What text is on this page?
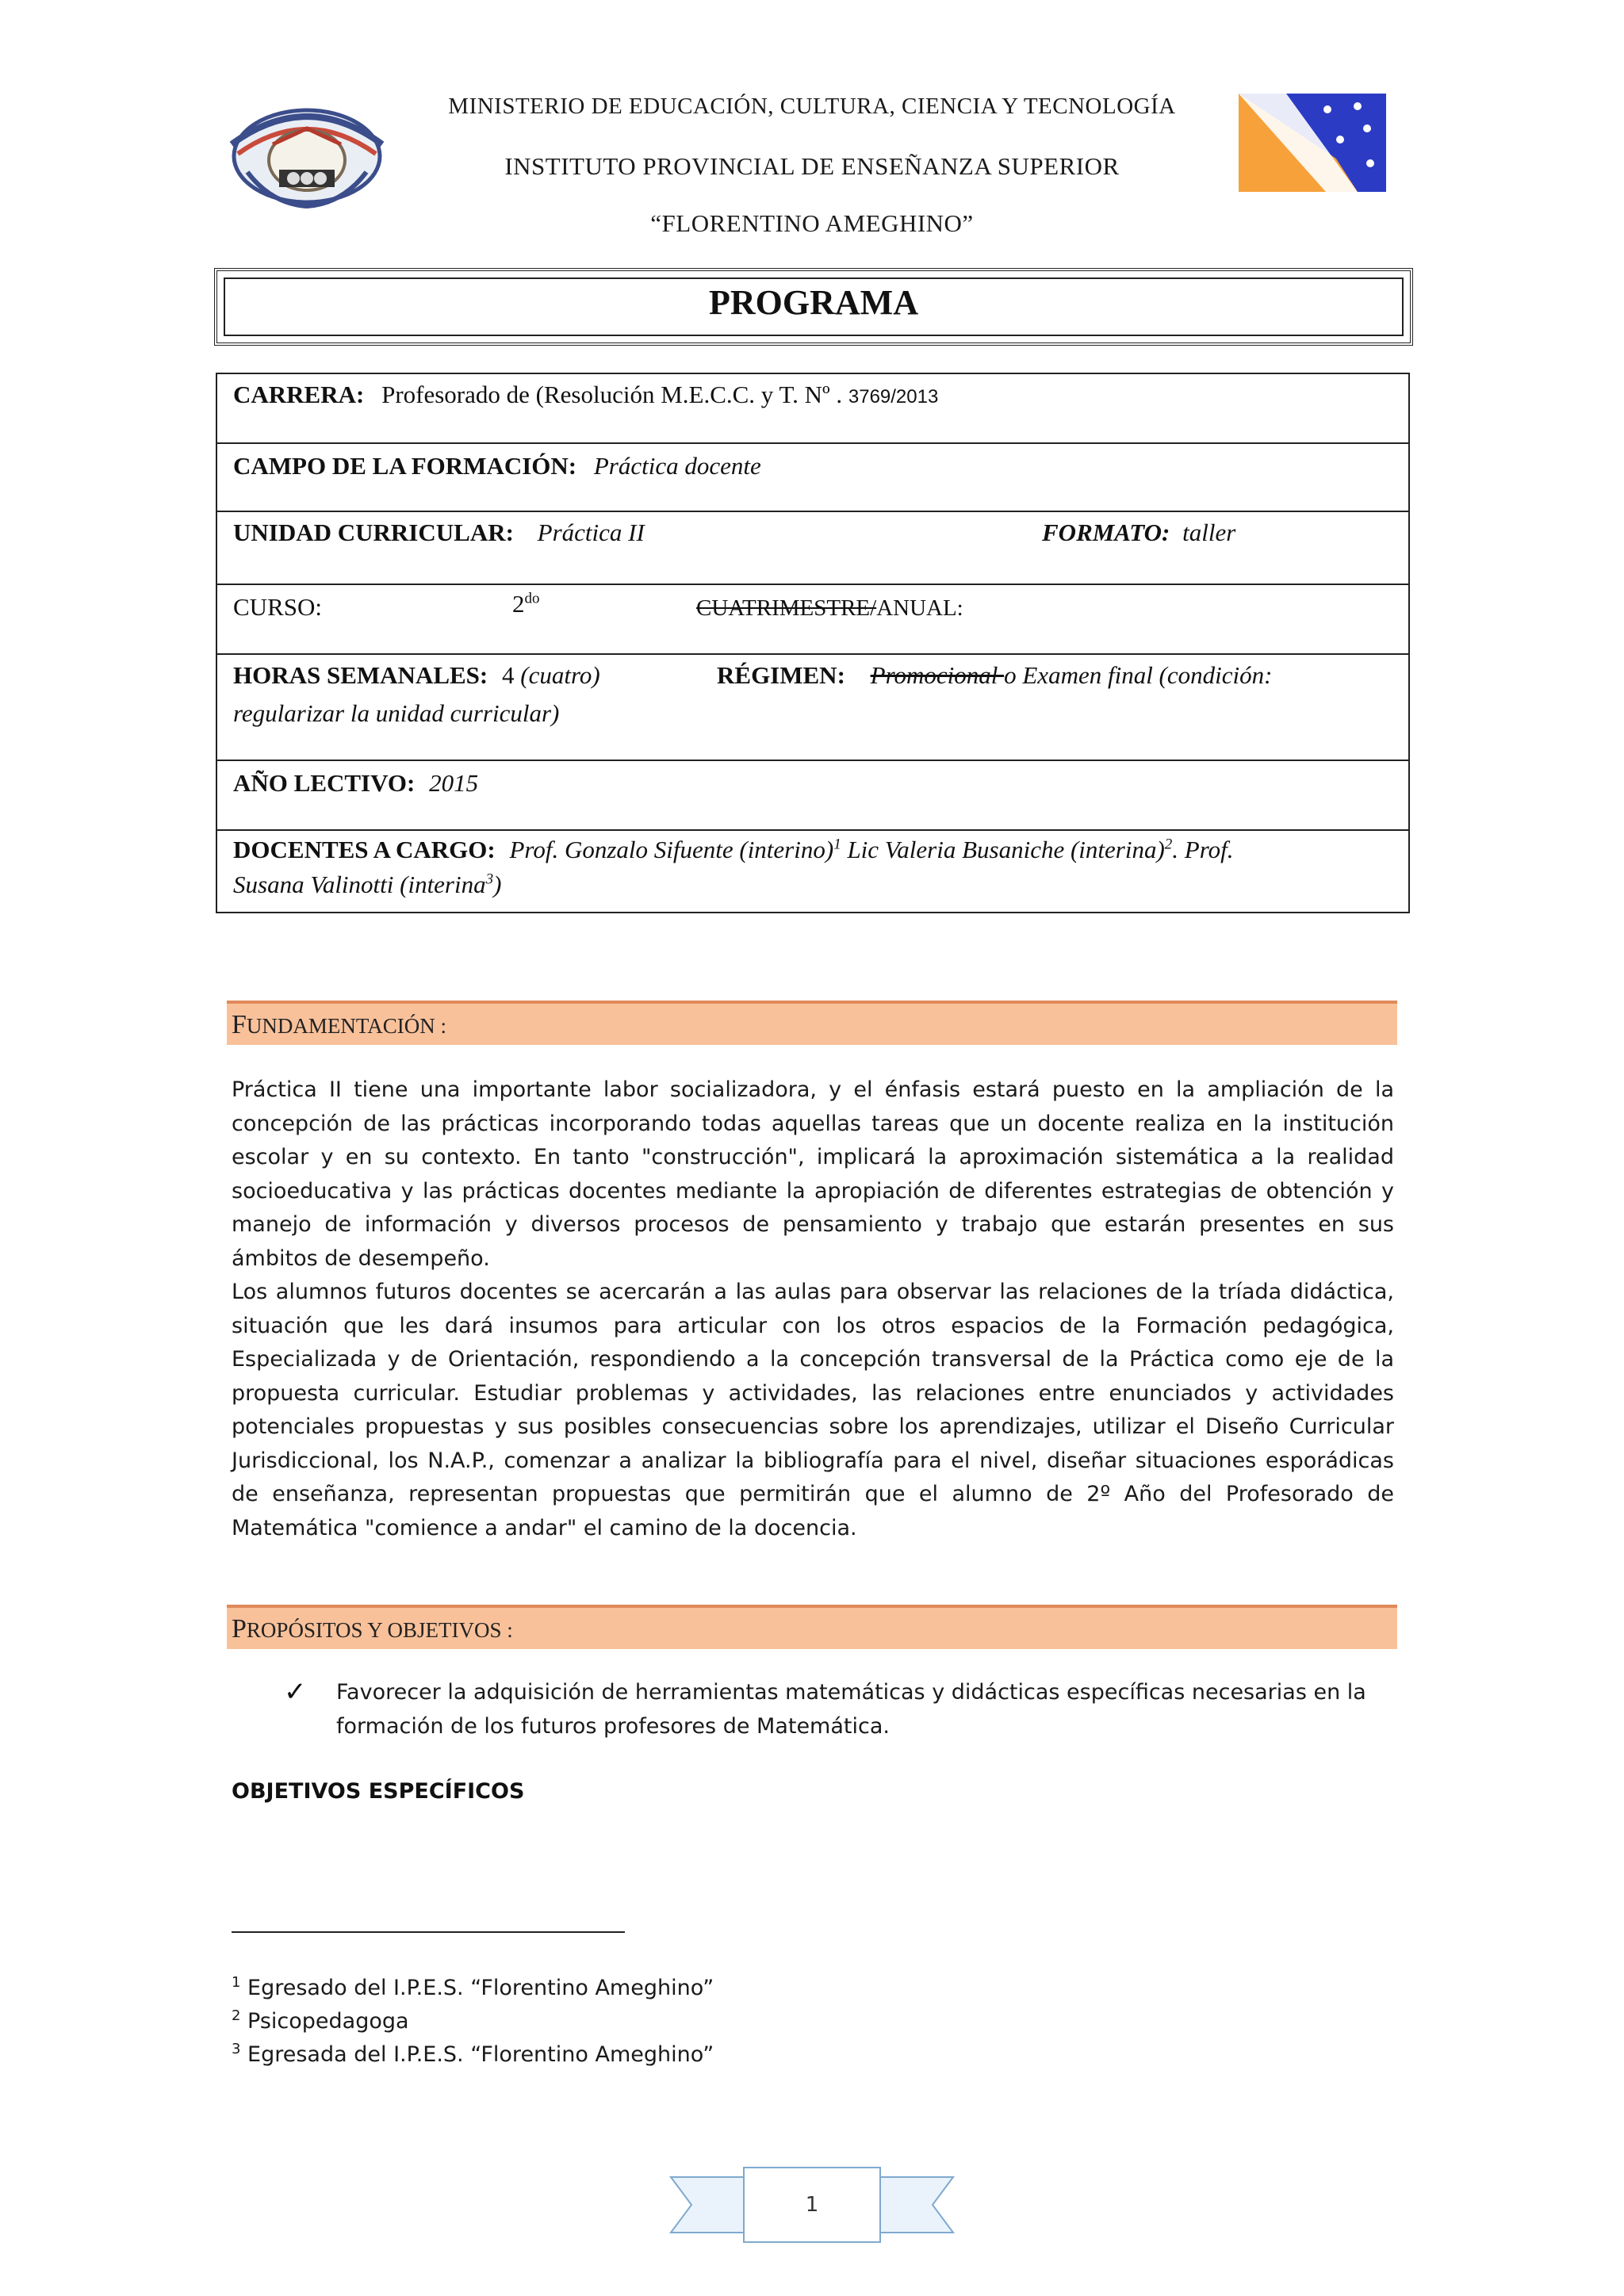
MINISTERIO DE EDUCACIÓN, CULTURA, CIENCIA Y TECNOLOGÍA
INSTITUTO PROVINCIAL DE ENSEÑANZA SUPERIOR
“FLORENTINO AMEGHINO”
PROGRAMA
CARRERA: Profesorado de (Resolución M.E.C.C. y T. Nº . 3769/2013
CAMPO DE LA FORMACIÓN: Práctica docente
UNIDAD CURRICULAR: Práctica II	FORMATO: taller
CURSO:	$2^{do}$	CUATRIMESTRE/ANUAL:
HORAS SEMANALES: 4 (cuatro)	RÉGIMEN: Promocional o Examen final (condición:
regularizar la unidad curricular)
AÑO LECTIVO: 2015
DOCENTES A CARGO: Prof. Gonzalo Sifuente (interino)$^1$ Lic Valeria Busaniche (interina)$^2$. Prof.
Susana Valinotti (interina$^3$)
FUNDAMENTACIÓN :

Práctica II tiene una importante labor socializadora, y el énfasis estará puesto en la ampliación de la concepción de las prácticas incorporando todas aquellas tareas que un docente realiza en la institución escolar y en su contexto. En tanto "construcción", implicará la aproximación sistemática a la realidad socioeducativa y las prácticas docentes mediante la apropiación de diferentes estrategias de obtención y manejo de información y diversos procesos de pensamiento y trabajo que estarán presentes en sus ámbitos de desempeño.

Los alumnos futuros docentes se acercarán a las aulas para observar las relaciones de la tríada didáctica, situación que les dará insumos para articular con los otros espacios de la Formación pedagógica, Especializada y de Orientación, respondiendo a la concepción transversal de la Práctica como eje de la propuesta curricular. Estudiar problemas y actividades, las relaciones entre enunciados y actividades potenciales propuestas y sus posibles consecuencias sobre los aprendizajes, utilizar el Diseño Curricular Jurisdiccional, los N.A.P., comenzar a analizar la bibliografía para el nivel, diseñar situaciones esporádicas de enseñanza, representan propuestas que permitirán que el alumno de 2º Año del Profesorado de Matemática "comience a andar" el camino de la docencia.

PROPÓSITOS Y OBJETIVOS :
✓ Favorecer la adquisición de herramientas matemáticas y didácticas específicas necesarias en la formación de los futuros profesores de Matemática.
OBJETIVOS ESPECÍFICOS
$^1$ Egresado del I.P.E.S. “Florentino Ameghino”
$^2$ Psicopedagoga
$^3$ Egresada del I.P.E.S. “Florentino Ameghino”
1
